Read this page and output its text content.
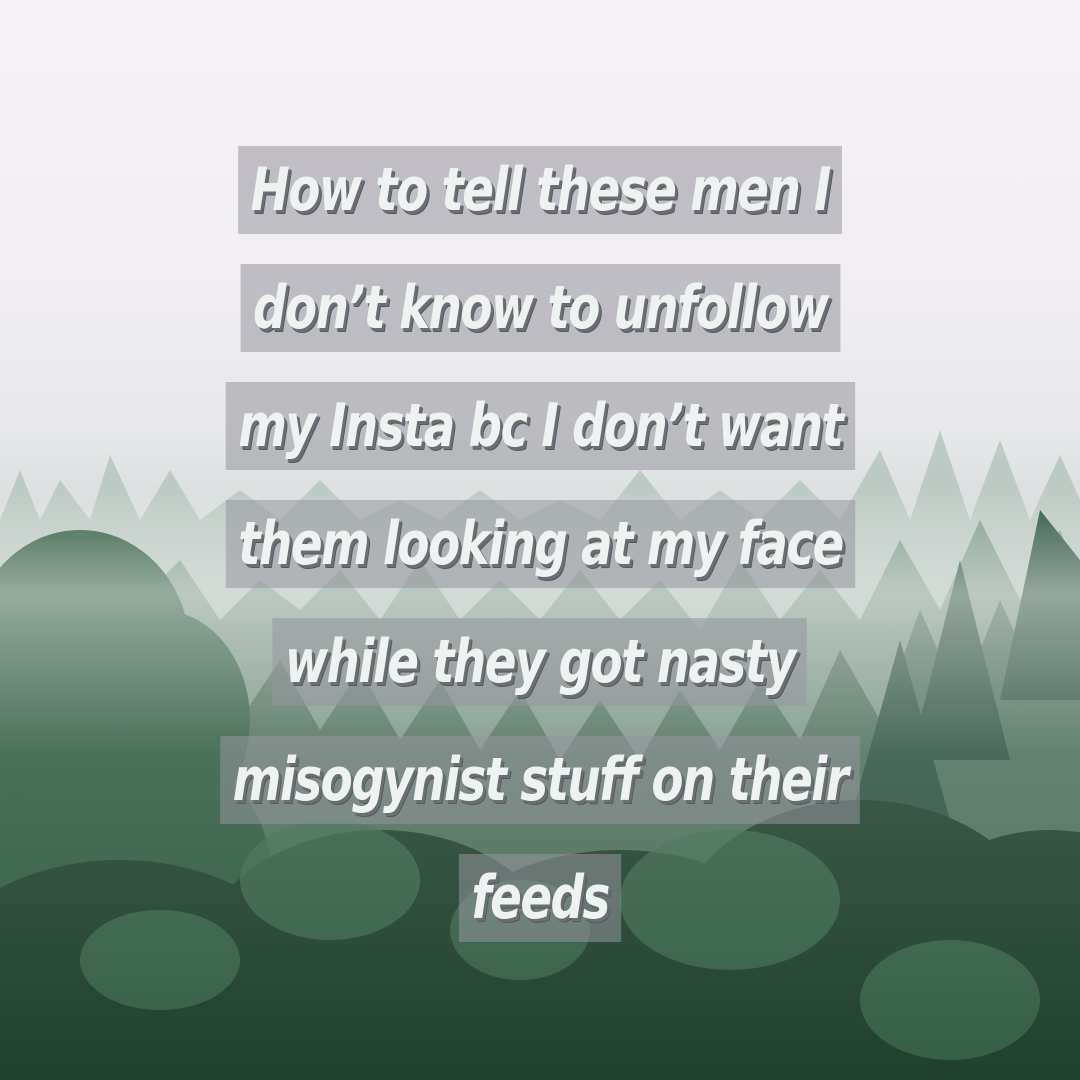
How to tell these men I
don’t know to unfollow
my Insta bc I don’t want
them looking at my face
while they got nasty
misogynist stuff on their
feeds
